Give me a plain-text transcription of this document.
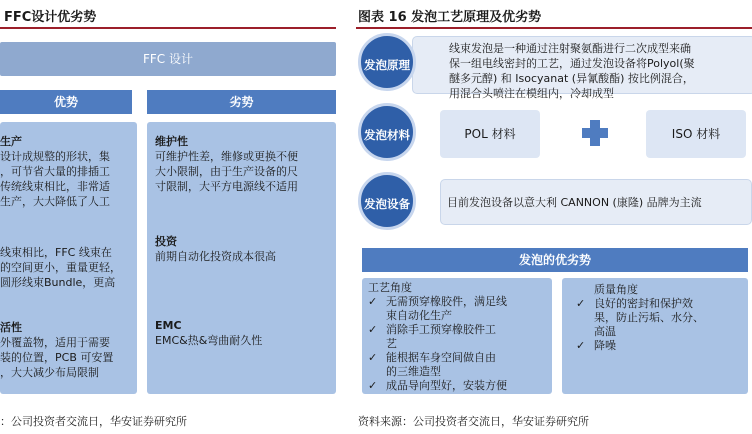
FFC设计优劣势
FFC 设计
优势	劣势
生产
设计成规整的形状，集
，可节省大量的排插工
传统线束相比，非常适
生产，大大降低了人工
线束相比，FFC 线束在
的空间更小，重量更轻，
圆形线束Bundle，更高
活性
外覆盖物，适用于需要
装的位置，PCB 可安置
，大大减少布局限制
维护性
可维护性差，维修或更换不便
大小限制，由于生产设备的尺
寸限制，大平方电源线不适用
投资
前期自动化投资成本很高
EMC
EMC&热&弯曲耐久性
：公司投资者交流日，华安证券研究所
图表 16 发泡工艺原理及优劣势
线束发泡是一种通过注射聚氨酯进行二次成型来确
保一组电线密封的工艺，通过发泡设备将Polyol(聚
醚多元醇) 和 Isocyanat (异氰酸酯) 按比例混合，
用混合头喷注在模组内，冷却成型
发泡原理
发泡材料	POL 材料	ISO 材料
目前发泡设备以意大利 CANNON (康隆) 品牌为主流
发泡设备
发泡的优劣势
工艺角度
✓ 无需预穿橡胶件，满足线
束自动化生产
✓ 消除手工预穿橡胶件工
艺
✓ 能根据车身空间做自由
的三维造型
✓ 成品导向型好，安装方便
质量角度
✓ 良好的密封和保护效
果，防止污垢、水分、
高温
✓ 降噪
资料来源：公司投资者交流日，华安证券研究所
